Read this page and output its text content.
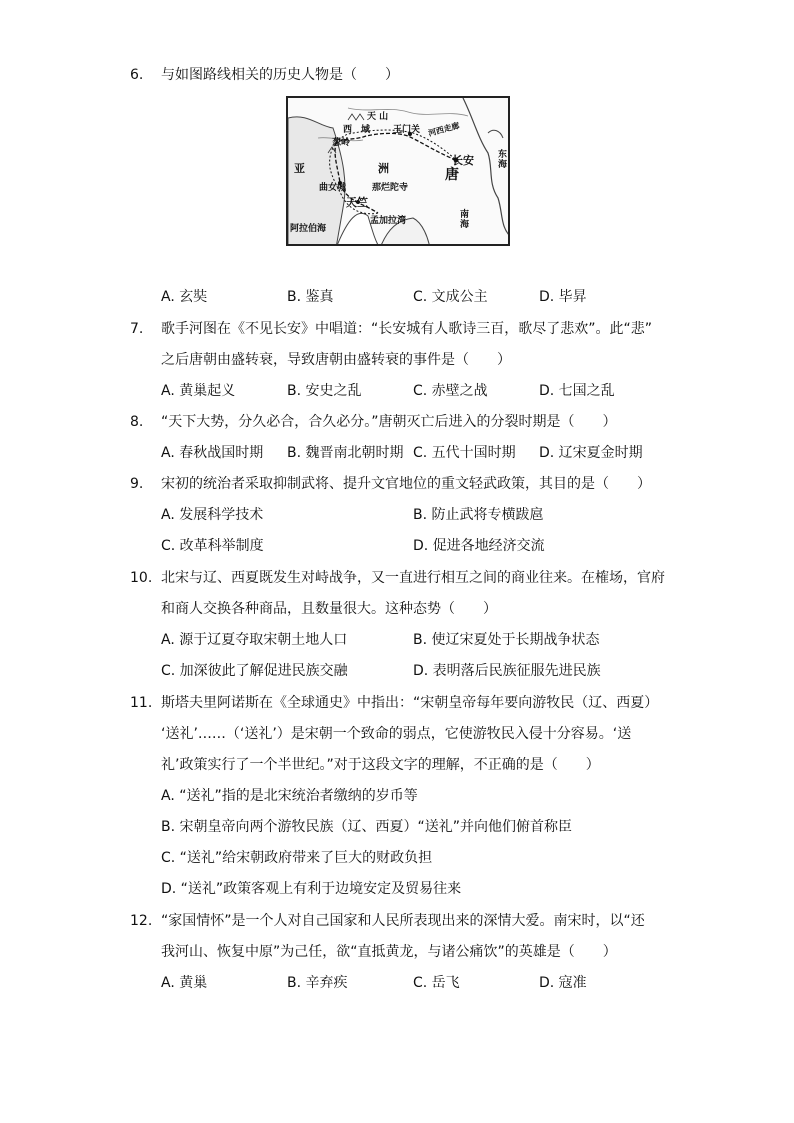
6. 与如图路线相关的历史人物是（　　）
天 山
西　域
葱岭
玉门关 河西走廊
长安
亚	洲	唐
东
海
曲女城	那烂陀寺
天竺
孟加拉湾
阿拉伯海
南
海
A. 玄奘	B. 鉴真	C. 文成公主	D. 毕昇
7. 歌手河图在《不见长安》中唱道：“长安城有人歌诗三百，歌尽了悲欢”。此“悲”
之后唐朝由盛转衰，导致唐朝由盛转衰的事件是（　　）
A. 黄巢起义	B. 安史之乱	C. 赤壁之战	D. 七国之乱
8. “天下大势，分久必合，合久必分。”唐朝灭亡后进入的分裂时期是（　　）
A. 春秋战国时期 B. 魏晋南北朝时期 C. 五代十国时期 D. 辽宋夏金时期
9. 宋初的统治者采取抑制武将、提升文官地位的重文轻武政策，其目的是（　　）
A. 发展科学技术	B. 防止武将专横跋扈
C. 改革科举制度	D. 促进各地经济交流
10. 北宋与辽、西夏既发生对峙战争，又一直进行相互之间的商业往来。在榷场，官府
和商人交换各种商品，且数量很大。这种态势（　　）
A. 源于辽夏夺取宋朝土地人口	B. 使辽宋夏处于长期战争状态
C. 加深彼此了解促进民族交融	D. 表明落后民族征服先进民族
11. 斯塔夫里阿诺斯在《全球通史》中指出：“宋朝皇帝每年要向游牧民（辽、西夏）
‘送礼’……（‘送礼’）是宋朝一个致命的弱点，它使游牧民入侵十分容易。‘送
礼’政策实行了一个半世纪。”对于这段文字的理解，不正确的是（　　）
A. “送礼”指的是北宋统治者缴纳的岁币等
B. 宋朝皇帝向两个游牧民族（辽、西夏）“送礼”并向他们俯首称臣
C. “送礼”给宋朝政府带来了巨大的财政负担
D. “送礼”政策客观上有利于边境安定及贸易往来
12. “家国情怀”是一个人对自己国家和人民所表现出来的深情大爱。南宋时，以“还
我河山、恢复中原”为己任，欲“直抵黄龙，与诸公痛饮”的英雄是（　　）
A. 黄巢	B. 辛弃疾	C. 岳飞	D. 寇准
